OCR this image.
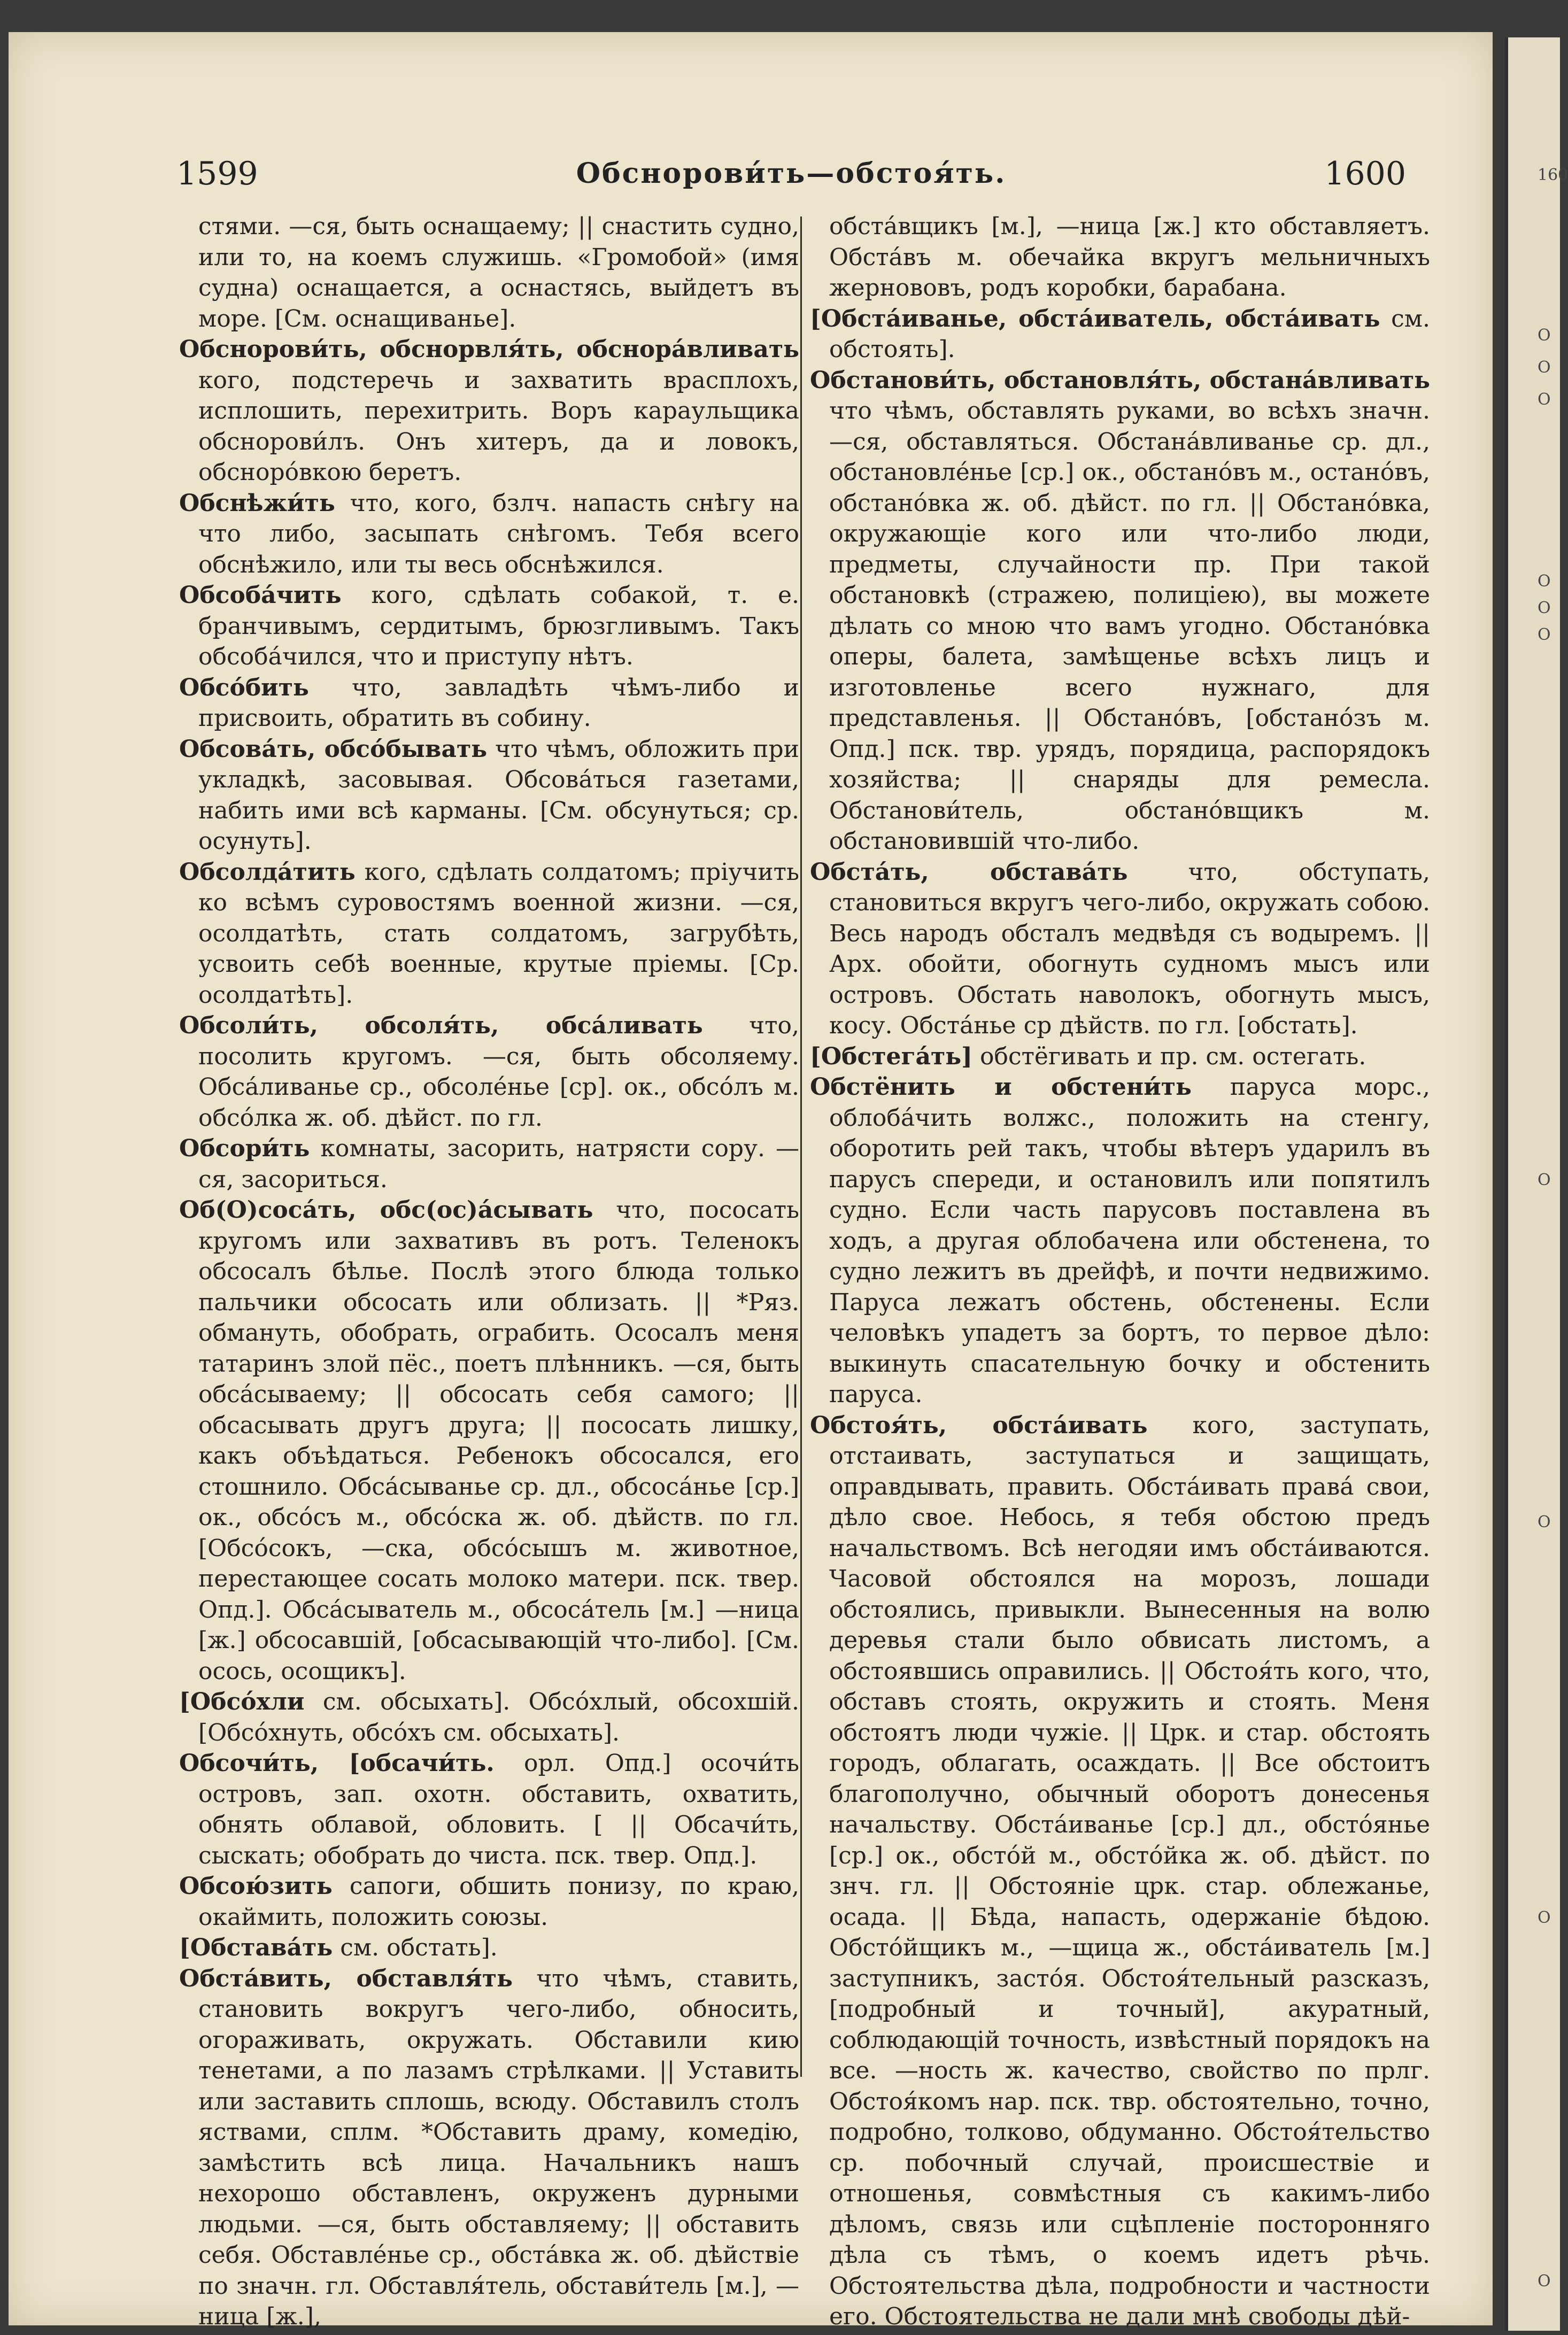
160
O
O
O
O
O
O
O
O
O
O
1599	Обснорови́ть—обстоя́ть.	1600

стями. —ся, быть оснащаему; || снастить судно, или то, на коемъ служишь. «Громобой» (имя судна) оснащается, а оснастясь, выйдетъ въ море. [См. оснащиванье].

Обснорови́ть, обснорвля́ть, обснора́вливать кого, подстеречь и захватить врасплохъ, исплошить, перехитрить. Воръ караульщика обснорови́лъ. Онъ хитеръ, да и ловокъ, обснорóвкою беретъ.

Обснѣжи́ть что, кого, бзлч. напасть снѣгу на что либо, засыпать снѣгомъ. Тебя всего обснѣжило, или ты весь обснѣжился.

Обсоба́чить кого, сдѣлать собакой, т. е. бранчивымъ, сердитымъ, брюзгливымъ. Такъ обсоба́чился, что и приступу нѣтъ.

Обсо́бить что, завладѣть чѣмъ-либо и присвоить, обратить въ собину.

Обсова́ть, обсо́бывать что чѣмъ, обложить при укладкѣ, засовывая. Обсова́ться газетами, набить ими всѣ карманы. [См. обсунуться; ср. осунуть].

Обсолда́тить кого, сдѣлать солдатомъ; пріучить ко всѣмъ суровостямъ военной жизни. —ся, осолдатѣть, стать солдатомъ, загрубѣть, усвоить себѣ военные, крутые пріемы. [Ср. осолдатѣть].

Обсоли́ть, обсоля́ть, обса́ливать что, посолить кругомъ. —ся, быть обсоляему. Обса́ливанье ср., обсолéнье [ср]. ок., обсóлъ м. обсóлка ж. об. дѣйст. по гл.

Обсори́ть комнаты, засорить, натрясти сору. —ся, засориться.

Об(О)соса́ть, обс(ос)а́сывать что, пососать кругомъ или захвативъ въ ротъ. Теленокъ обсосалъ бѣлье. Послѣ этого блюда только пальчики обсосать или облизать. || *Ряз. обмануть, обобрать, ограбить. Ососалъ меня татаринъ злой пёс., поетъ плѣнникъ. —ся, быть обса́сываему; || обсосать себя самого; || обсасывать другъ друга; || пососать лишку, какъ объѣдаться. Ребенокъ обсосался, его стошнило. Обса́сыванье ср. дл., обсосáнье [ср.] ок., обсóсъ м., обсóска ж. об. дѣйств. по гл. [Обсóсокъ, —ска, обсóсышъ м. животное, перестающее сосать молоко матери. пск. твер. Опд.]. Обса́сыватель м., обсоса́тель [м.] —ница [ж.] обсосавшій, [обсасывающій что-либо]. [См. осось, осощикъ].

[Обсóхли см. обсыхать]. Обсóхлый, обсохшій. [Обсóхнуть, обсóхъ см. обсыхать].

Обсочи́ть, [обсачи́ть. орл. Опд.] осочи́ть островъ, зап. охотн. обставить, охватить, обнять облавой, обловить. [ || Обсачи́ть, сыскать; обобрать до чиста. пск. твер. Опд.].

Обсою́зить сапоги, обшить понизу, по краю, окаймить, положить союзы.

[Обстава́ть см. обстать].

Обста́вить, обставля́ть что чѣмъ, ставить, становить вокругъ чего-либо, обносить, огораживать, окружать. Обставили кию тенетами, а по лазамъ стрѣлками. || Уставить или заставить сплошь, всюду. Обставилъ столъ яствами, сплм. *Обставить драму, комедію, замѣстить всѣ лица. Начальникъ нашъ нехорошо обставленъ, окруженъ дурными людьми. —ся, быть обставляему; || обставить себя. Обставлéнье ср., обста́вка ж. об. дѣйствіе по значн. гл. Обставля́тель, обстави́тель [м.], —ница [ж.],

обста́вщикъ [м.], —ница [ж.] кто обставляетъ. Обста́въ м. обечайка вкругъ мельничныхъ жернововъ, родъ коробки, барабана.

[Обста́иванье, обста́иватель, обста́ивать см. обстоять].

Обстанови́ть, обстановля́ть, обстана́вливать что чѣмъ, обставлять руками, во всѣхъ значн. —ся, обставляться. Обстана́вливанье ср. дл., обстановлéнье [ср.] ок., обстанóвъ м., останóвъ, обстанóвка ж. об. дѣйст. по гл. || Обстанóвка, окружающіе кого или что-либо люди, предметы, случайности пр. При такой обстановкѣ (стражею, полиціею), вы можете дѣлать со мною что вамъ угодно. Обстанóвка оперы, балета, замѣщенье всѣхъ лицъ и изготовленье всего нужнаго, для представленья. || Обстанóвъ, [обстанóзъ м. Опд.] пск. твр. урядъ, порядица, распорядокъ хозяйства; || снаряды для ремесла. Обстанови́тель, обстанóвщикъ м. обстановившій что-либо.

Обста́ть, обстава́ть	что, обступать, становиться вкругъ чего-либо, окружать собою. Весь народъ обсталъ медвѣдя съ водыремъ. || Арх. обойти, обогнуть судномъ мысъ или островъ. Обстать наволокъ, обогнуть мысъ, косу. Обста́нье ср дѣйств. по гл. [обстать].

[Обстега́ть] обстёгивать и пр. см. остегать.

Обстёнить и обстени́ть паруса морс., облоба́чить волжс., положить на стенгу, оборотить рей такъ, чтобы вѣтеръ ударилъ въ парусъ спереди, и остановилъ или попятилъ судно. Если часть парусовъ поставлена въ ходъ, а другая облобачена или обстенена, то судно лежитъ въ дрейфѣ, и почти недвижимо. Паруса лежатъ обстень, обстенены. Если человѣкъ упадетъ за бортъ, то первое дѣло: выкинуть спасательную бочку и обстенить паруса.

Обстоя́ть, обста́ивать кого, заступать, отстаивать, заступаться и защищать, оправдывать, править. Обста́ивать правá свои, дѣло свое. Небось, я тебя обстою предъ начальствомъ. Всѣ негодяи имъ обста́иваются. Часовой обстоялся на морозъ, лошади обстоялись, привыкли. Вынесенныя на волю деревья стали было обвисать листомъ, а обстоявшись оправились. || Обстоя́ть кого, что, обставъ стоять, окружить и стоять. Меня обстоятъ люди чужіе. || Црк. и стар. обстоять городъ, облагать, осаждать. || Все обстоитъ благополучно, обычный оборотъ донесенья начальству. Обста́иванье [ср.] дл., обстóянье [ср.] ок., обстóй м., обстóйка ж. об. дѣйст. по знч. гл. || Обстояніе црк. стар. облежанье, осада. || Бѣда, напасть, одержаніе бѣдою. Обстóйщикъ м., —щица ж., обста́иватель [м.] заступникъ, застóя. Обстоя́тельный разсказъ, [подробный и точный], акуратный, соблюдающій точность, извѣстный порядокъ на все. —ность ж. качество, свойство по прлг. Обстоя́комъ нар. пск. твр. обстоятельно, точно, подробно, толково, обдуманно. Обстоя́тельство ср. побочный случай, происшествіе и отношенья, совмѣстныя съ какимъ-либо дѣломъ, связь или сцѣпленіе посторонняго дѣла съ тѣмъ, о коемъ идетъ рѣчь. Обстоятельства дѣла, подробности и частности его. Обстоятельства не дали мнѣ свободы дѣй-
